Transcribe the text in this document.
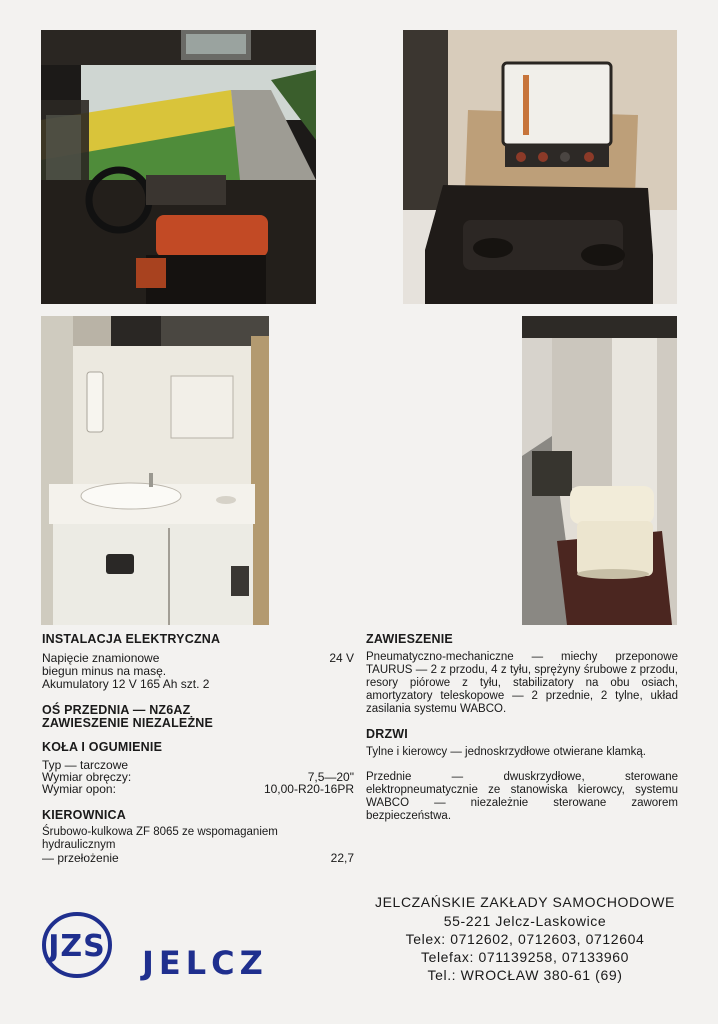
INSTALACJA ELEKTRYCZNA
Napięcie znamionowe	24 V
biegun minus na masę.
Akumulatory 12 V 165 Ah szt. 2
OŚ PRZEDNIA — NZ6AZ
ZAWIESZENIE NIEZALEŻNE
KOŁA I OGUMIENIE
Typ — tarczowe
Wymiar obręczy:	7,5—20"
Wymiar opon:	10,00-R20-16PR
KIEROWNICA

Śrubowo-kulkowa ZF 8065 ze wspomaganiem hydraulicznym

— przełożenie	22,7
ZAWIESZENIE

Pneumatyczno-mechaniczne — miechy przeponowe TAURUS — 2 z przodu, 4 z tyłu, sprężyny śrubowe z przodu, resory piórowe z tyłu, stabilizatory na obu osiach, amortyzatory teleskopowe — 2 przednie, 2 tylne, układ zasilania systemu WABCO.

DRZWI

Tylne i kierowcy — jednoskrzydłowe otwierane klamką.

Przednie — dwuskrzydłowe, sterowane elektropneumatycznie ze stanowiska kierowcy, systemu WABCO — niezależnie sterowane zaworem bezpieczeństwa.

JZS JELCZ
JELCZAŃSKIE ZAKŁADY SAMOCHODOWE
55-221 Jelcz-Laskowice
Telex: 0712602, 0712603, 0712604
Telefax: 071139258, 07133960
Tel.: WROCŁAW 380-61 (69)
